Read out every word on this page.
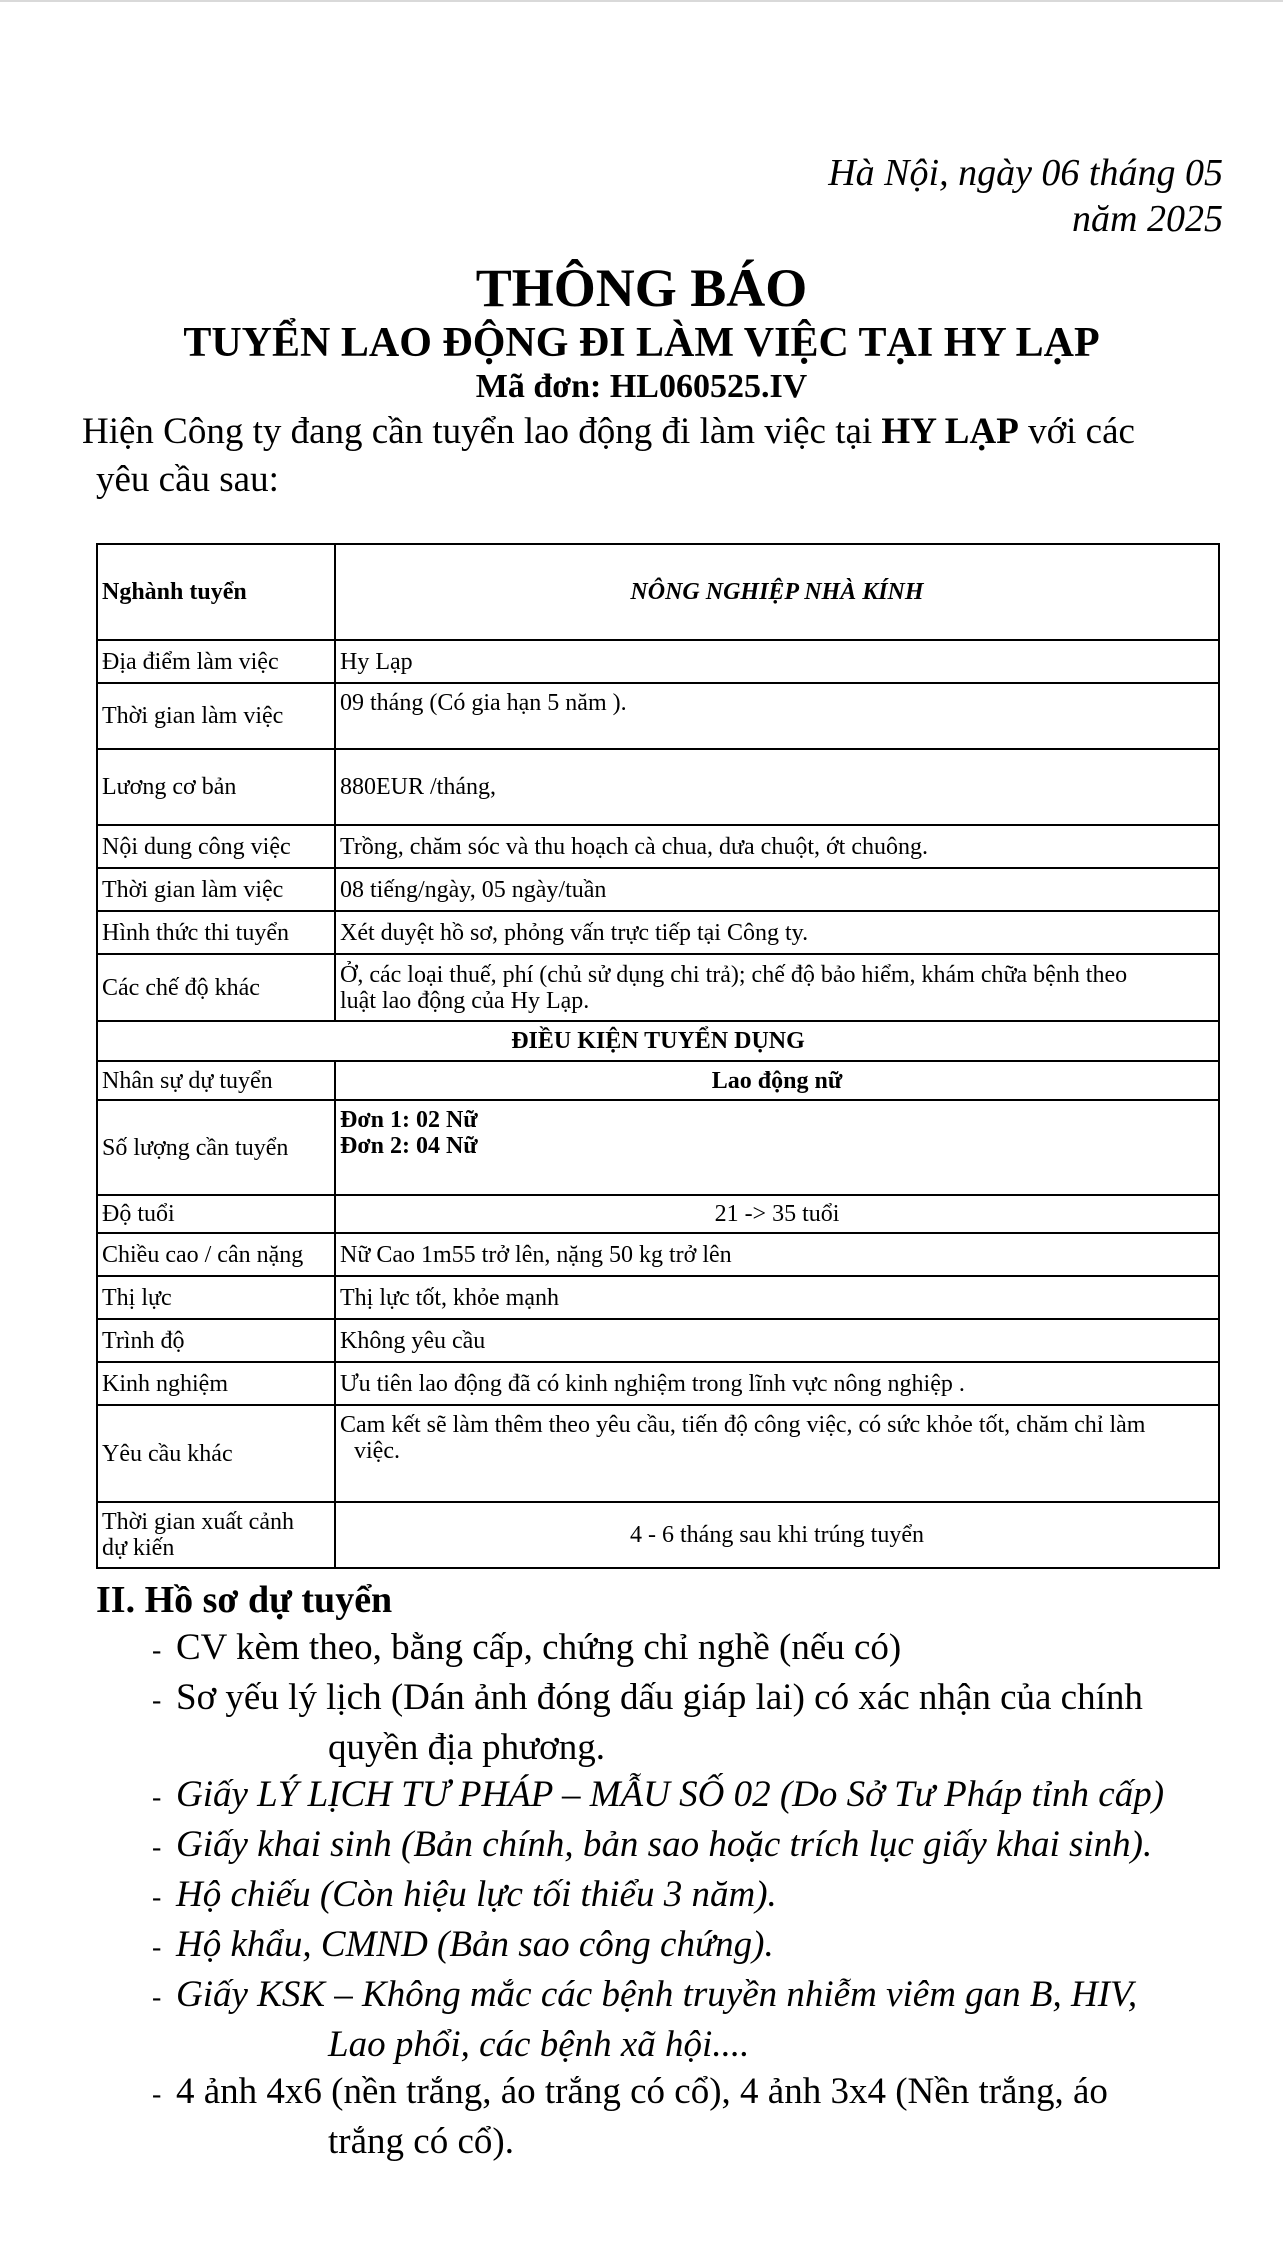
Hà Nội, ngày 06 tháng 05
năm 2025
THÔNG BÁO
TUYỂN LAO ĐỘNG ĐI LÀM VIỆC TẠI HY LẠP
Mã đơn: HL060525.IV
Hiện Công ty đang cần tuyển lao động đi làm việc tại HY LẠP với các
yêu cầu sau:
Nghành tuyển	NÔNG NGHIỆP NHÀ KÍNH
Địa điểm làm việc	Hy Lạp
Thời gian làm việc	09 tháng (Có gia hạn 5 năm ).
Lương cơ bản	880EUR /tháng,
Nội dung công việc	Trồng, chăm sóc và thu hoạch cà chua, dưa chuột, ớt chuông.
Thời gian làm việc	08 tiếng/ngày, 05 ngày/tuần
Hình thức thi tuyển	Xét duyệt hồ sơ, phỏng vấn trực tiếp tại Công ty.
Các chế độ khác	Ở, các loại thuế, phí (chủ sử dụng chi trả); chế độ bảo hiểm, khám chữa bệnh theo
luật lao động của Hy Lạp.

ĐIỀU KIỆN TUYỂN DỤNG	
Nhân sự dự tuyển	Lao động nữ
Số lượng cần tuyển	Đơn 1: 02 Nữ
Đơn 2: 04 Nữ

Độ tuổi	21 -> 35 tuổi
Chiều cao / cân nặng	Nữ Cao 1m55 trở lên, nặng 50 kg trở lên
Thị lực	Thị lực tốt, khỏe mạnh
Trình độ	Không yêu cầu
Kinh nghiệm	Ưu tiên lao động đã có kinh nghiệm trong lĩnh vực nông nghiệp .
Yêu cầu khác	Cam kết sẽ làm thêm theo yêu cầu, tiến độ công việc, có sức khỏe tốt, chăm chỉ làm
việc.

Thời gian xuất cảnh
dự kiến	4 - 6 tháng sau khi trúng tuyển
II. Hồ sơ dự tuyển
- CV kèm theo, bằng cấp, chứng chỉ nghề (nếu có)
- Sơ yếu lý lịch (Dán ảnh đóng dấu giáp lai) có xác nhận của chính
quyền địa phương.
- Giấy LÝ LỊCH TƯ PHÁP – MẪU SỐ 02 (Do Sở Tư Pháp tỉnh cấp)
- Giấy khai sinh (Bản chính, bản sao hoặc trích lục giấy khai sinh).
- Hộ chiếu (Còn hiệu lực tối thiểu 3 năm).
- Hộ khẩu, CMND (Bản sao công chứng).
- Giấy KSK – Không mắc các bệnh truyền nhiễm viêm gan B, HIV,
Lao phổi, các bệnh xã hội....
- 4 ảnh 4x6 (nền trắng, áo trắng có cổ), 4 ảnh 3x4 (Nền trắng, áo
trắng có cổ).
